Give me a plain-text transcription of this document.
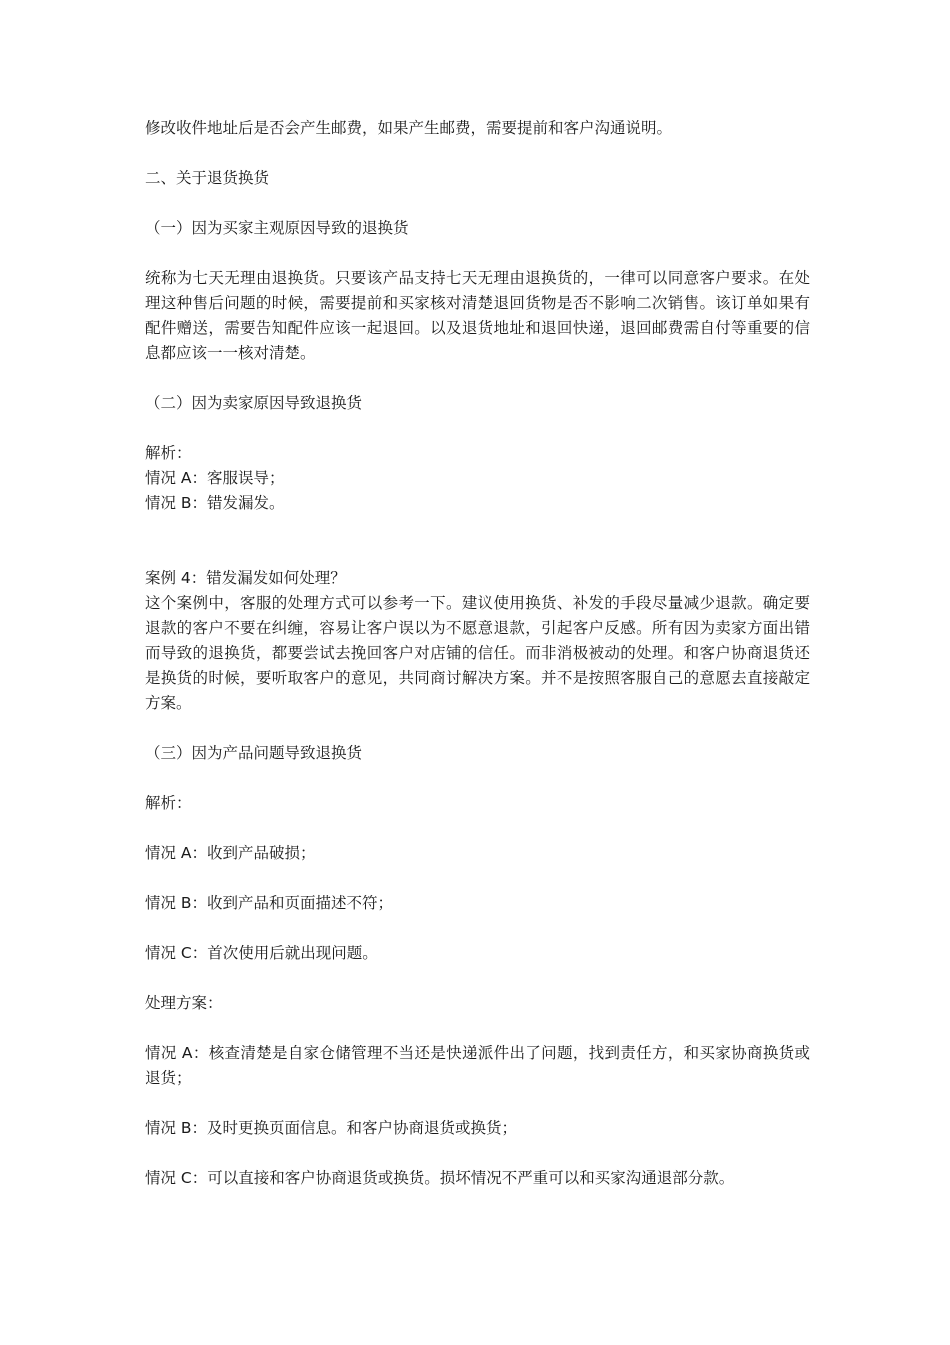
修改收件地址后是否会产生邮费，如果产生邮费，需要提前和客户沟通说明。

二、关于退货换货

（一）因为买家主观原因导致的退换货

统称为七天无理由退换货。只要该产品支持七天无理由退换货的，一律可以同意客户要求。在处理这种售后问题的时候，需要提前和买家核对清楚退回货物是否不影响二次销售。该订单如果有配件赠送，需要告知配件应该一起退回。以及退货地址和退回快递，退回邮费需自付等重要的信息都应该一一核对清楚。

（二）因为卖家原因导致退换货

解析：
情况 A：客服误导；
情况 B：错发漏发。
案例 4：错发漏发如何处理？

这个案例中，客服的处理方式可以参考一下。建议使用换货、补发的手段尽量减少退款。确定要退款的客户不要在纠缠，容易让客户误以为不愿意退款，引起客户反感。所有因为卖家方面出错而导致的退换货，都要尝试去挽回客户对店铺的信任。而非消极被动的处理。和客户协商退货还是换货的时候，要听取客户的意见，共同商讨解决方案。并不是按照客服自己的意愿去直接敲定方案。

（三）因为产品问题导致退换货

解析：

情况 A：收到产品破损；

情况 B：收到产品和页面描述不符；

情况 C：首次使用后就出现问题。

处理方案：

情况 A：核查清楚是自家仓储管理不当还是快递派件出了问题，找到责任方，和买家协商换货或退货；

情况 B：及时更换页面信息。和客户协商退货或换货；

情况 C：可以直接和客户协商退货或换货。损坏情况不严重可以和买家沟通退部分款。
